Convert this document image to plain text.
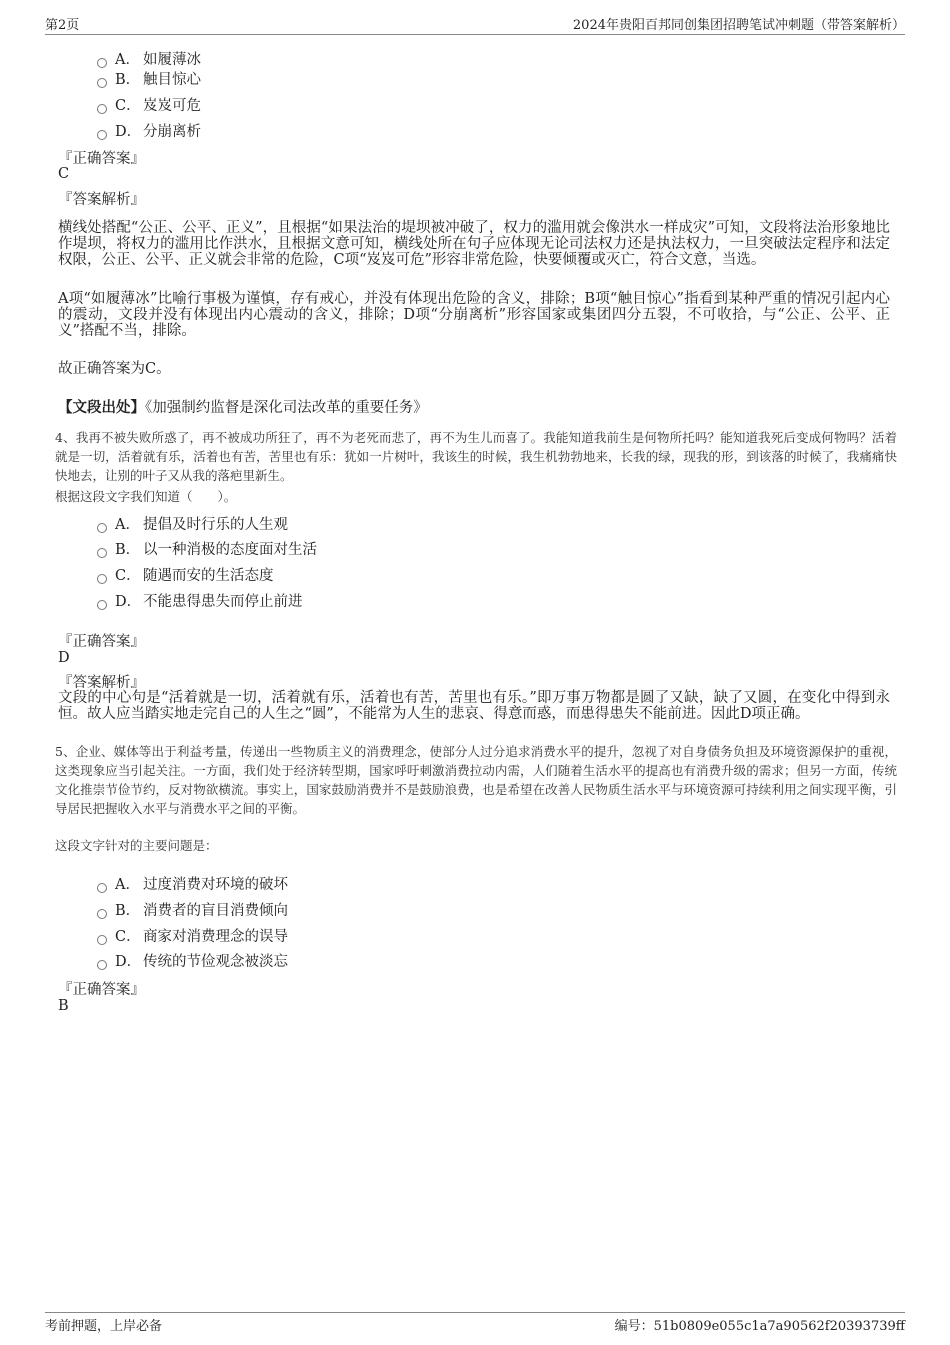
第2页	2024年贵阳百邦同创集团招聘笔试冲刺题（带答案解析）
A． 如履薄冰
B． 触目惊心
C． 岌岌可危
D． 分崩离析
『正确答案』
C
『答案解析』
横线处搭配“公正、公平、正义”，且根据“如果法治的堤坝被冲破了，权力的滥用就会像洪水一样成灾”可知，文段将法治形象地比作堤坝，将权力的滥用比作洪水，且根据文意可知，横线处所在句子应体现无论司法权力还是执法权力，一旦突破法定程序和法定权限，公正、公平、正义就会非常的危险，C项“岌岌可危”形容非常危险，快要倾覆或灭亡，符合文意，当选。
A项“如履薄冰”比喻行事极为谨慎，存有戒心，并没有体现出危险的含义，排除；B项“触目惊心”指看到某种严重的情况引起内心的震动，文段并没有体现出内心震动的含义，排除；D项“分崩离析”形容国家或集团四分五裂，不可收拾，与“公正、公平、正义”搭配不当，排除。
故正确答案为C。
【文段出处】《加强制约监督是深化司法改革的重要任务》
4、我再不被失败所惑了，再不被成功所狂了，再不为老死而悲了，再不为生儿而喜了。我能知道我前生是何物所托吗？能知道我死后变成何物吗？活着就是一切，活着就有乐，活着也有苦，苦里也有乐：犹如一片树叶，我该生的时候，我生机勃勃地来，长我的绿，现我的形，到该落的时候了，我痛痛快快地去，让别的叶子又从我的落疤里新生。
根据这段文字我们知道（　　）。
A． 提倡及时行乐的人生观
B． 以一种消极的态度面对生活
C． 随遇而安的生活态度
D． 不能患得患失而停止前进
『正确答案』
D
『答案解析』
文段的中心句是“活着就是一切，活着就有乐，活着也有苦，苦里也有乐。”即万事万物都是圆了又缺，缺了又圆，在变化中得到永恒。故人应当踏实地走完自己的人生之“圆”，不能常为人生的悲哀、得意而惑，而患得患失不能前进。因此D项正确。
5、企业、媒体等出于利益考量，传递出一些物质主义的消费理念，使部分人过分追求消费水平的提升，忽视了对自身债务负担及环境资源保护的重视，这类现象应当引起关注。一方面，我们处于经济转型期，国家呼吁刺激消费拉动内需，人们随着生活水平的提高也有消费升级的需求；但另一方面，传统文化推崇节俭节约，反对物欲横流。事实上，国家鼓励消费并不是鼓励浪费，也是希望在改善人民物质生活水平与环境资源可持续利用之间实现平衡，引导居民把握收入水平与消费水平之间的平衡。
这段文字针对的主要问题是：
A． 过度消费对环境的破坏
B． 消费者的盲目消费倾向
C． 商家对消费理念的误导
D． 传统的节俭观念被淡忘
『正确答案』
B
考前押题，上岸必备	编号：51b0809e055c1a7a90562f20393739ff
